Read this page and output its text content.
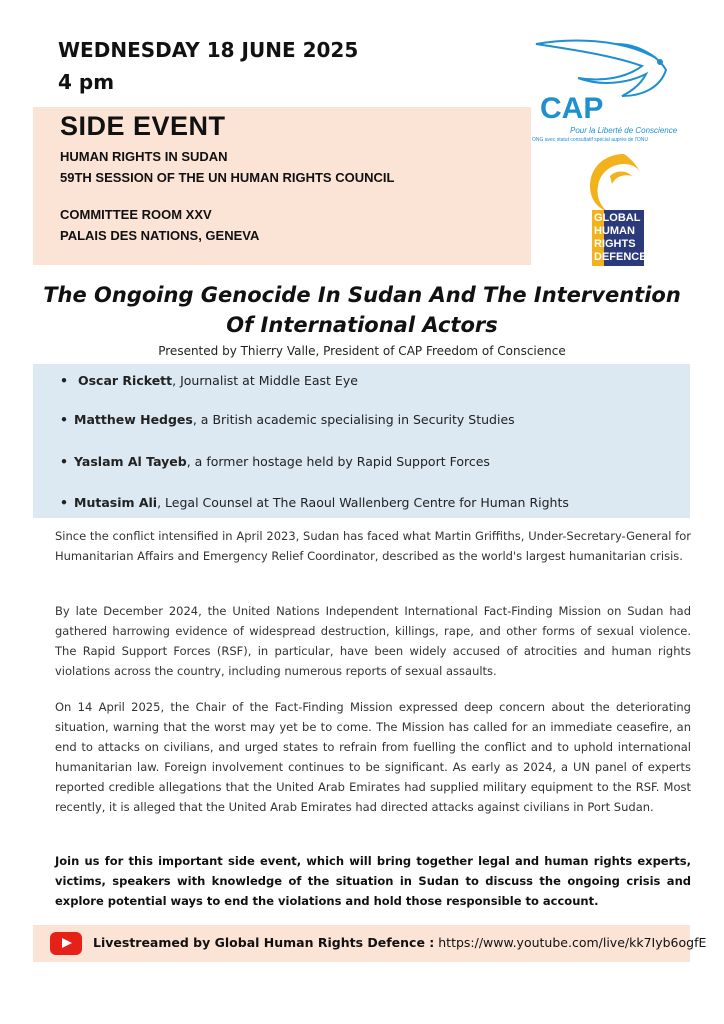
WEDNESDAY 18 JUNE 2025
4 pm
SIDE EVENT
HUMAN RIGHTS IN SUDAN
59TH SESSION OF THE UN HUMAN RIGHTS COUNCIL
COMMITTEE ROOM XXV
PALAIS DES NATIONS, GENEVA
CAP
Pour la Liberté de Conscience
ONG avec statut consultatif spécial auprès de l'ONU
GLOBAL
HUMAN
RIGHTS
DEFENCE
The Ongoing Genocide In Sudan And The Intervention
Of International Actors
Presented by Thierry Valle, President of CAP Freedom of Conscience
• Oscar Rickett, Journalist at Middle East Eye
• Matthew Hedges, a British academic specialising in Security Studies
• Yaslam Al Tayeb, a former hostage held by Rapid Support Forces
• Mutasim Ali, Legal Counsel at The Raoul Wallenberg Centre for Human Rights
Since the conflict intensified in April 2023, Sudan has faced what Martin Griffiths, Under-Secretary-General for Humanitarian Affairs and Emergency Relief Coordinator, described as the world's largest humanitarian crisis.
By late December 2024, the United Nations Independent International Fact-Finding Mission on Sudan had gathered harrowing evidence of widespread destruction, killings, rape, and other forms of sexual violence. The Rapid Support Forces (RSF), in particular, have been widely accused of atrocities and human rights violations across the country, including numerous reports of sexual assaults.
On 14 April 2025, the Chair of the Fact-Finding Mission expressed deep concern about the deteriorating situation, warning that the worst may yet be to come. The Mission has called for an immediate ceasefire, an end to attacks on civilians, and urged states to refrain from fuelling the conflict and to uphold international humanitarian law. Foreign involvement continues to be significant. As early as 2024, a UN panel of experts reported credible allegations that the United Arab Emirates had supplied military equipment to the RSF. Most recently, it is alleged that the United Arab Emirates had directed attacks against civilians in Port Sudan.
Join us for this important side event, which will bring together legal and human rights experts, victims, speakers with knowledge of the situation in Sudan to discuss the ongoing crisis and explore potential ways to end the violations and hold those responsible to account.
Livestreamed by Global Human Rights Defence : https://www.youtube.com/live/kk7Iyb6ogfE
